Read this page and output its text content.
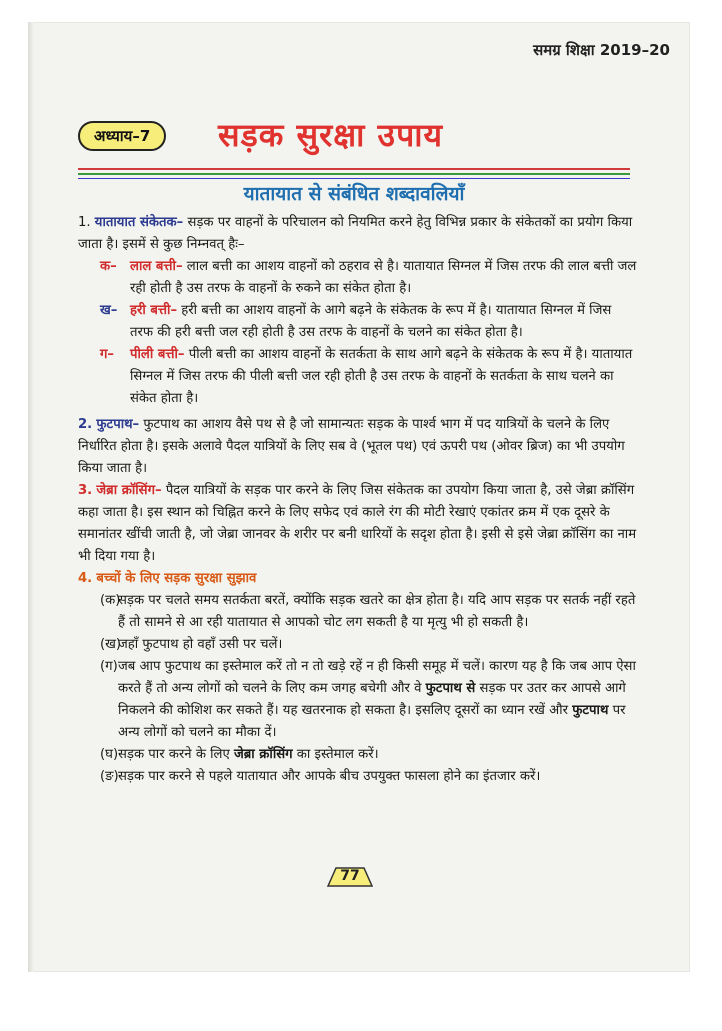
समग्र शिक्षा 2019–20
अध्याय–7	सड़क सुरक्षा उपाय
यातायात से संबंधित शब्दावलियाँ
1. यातायात संकेतक– सड़क पर वाहनों के परिचालन को नियमित करने हेतु विभिन्न प्रकार के संकेतकों का प्रयोग किया जाता है। इसमें से कुछ निम्नवत् हैः–
क– लाल बत्ती– लाल बत्ती का आशय वाहनों को ठहराव से है। यातायात सिग्नल में जिस तरफ की लाल बत्ती जल रही होती है उस तरफ के वाहनों के रुकने का संकेत होता है।
ख– हरी बत्ती– हरी बत्ती का आशय वाहनों के आगे बढ़ने के संकेतक के रूप में है। यातायात सिग्नल में जिस तरफ की हरी बत्ती जल रही होती है उस तरफ के वाहनों के चलने का संकेत होता है।
ग– पीली बत्ती– पीली बत्ती का आशय वाहनों के सतर्कता के साथ आगे बढ़ने के संकेतक के रूप में है। यातायात सिग्नल में जिस तरफ की पीली बत्ती जल रही होती है उस तरफ के वाहनों के सतर्कता के साथ चलने का संकेत होता है।
2. फुटपाथ– फुटपाथ का आशय वैसे पथ से है जो सामान्यतः सड़क के पार्श्व भाग में पद यात्रियों के चलने के लिए निर्धारित होता है। इसके अलावे पैदल यात्रियों के लिए सब वे (भूतल पथ) एवं ऊपरी पथ (ओवर ब्रिज) का भी उपयोग किया जाता है।
3. जेब्रा क्रॉसिंग– पैदल यात्रियों के सड़क पार करने के लिए जिस संकेतक का उपयोग किया जाता है, उसे जेब्रा क्रॉसिंग कहा जाता है। इस स्थान को चिह्नित करने के लिए सफेद एवं काले रंग की मोटी रेखाएं एकांतर क्रम में एक दूसरे के समानांतर खींची जाती है, जो जेब्रा जानवर के शरीर पर बनी धारियों के सदृश होता है। इसी से इसे जेब्रा क्रॉसिंग का नाम भी दिया गया है।
4. बच्चों के लिए सड़क सुरक्षा सुझाव
(क)
सड़क पर चलते समय सतर्कता बरतें, क्योंकि सड़क खतरे का क्षेत्र होता है। यदि आप सड़क पर सतर्क नहीं रहते हैं तो सामने से आ रही यातायात से आपको चोट लग सकती है या मृत्यु भी हो सकती है।
(ख)
जहाँ फुटपाथ हो वहाँ उसी पर चलें।
(ग) जब आप फुटपाथ का इस्तेमाल करें तो न तो खड़े रहें न ही किसी समूह में चलें। कारण यह है कि जब आप ऐसा करते हैं तो अन्य लोगों को चलने के लिए कम जगह बचेगी और वे फुटपाथ से सड़क पर उतर कर आपसे आगे निकलने की कोशिश कर सकते हैं। यह खतरनाक हो सकता है। इसलिए दूसरों का ध्यान रखें और फुटपाथ पर अन्य लोगों को चलने का मौका दें।
(घ) सड़क पार करने के लिए जेब्रा क्रॉसिंग का इस्तेमाल करें।
(ङ) सड़क पार करने से पहले यातायात और आपके बीच उपयुक्त फासला होने का इंतजार करें।
77
